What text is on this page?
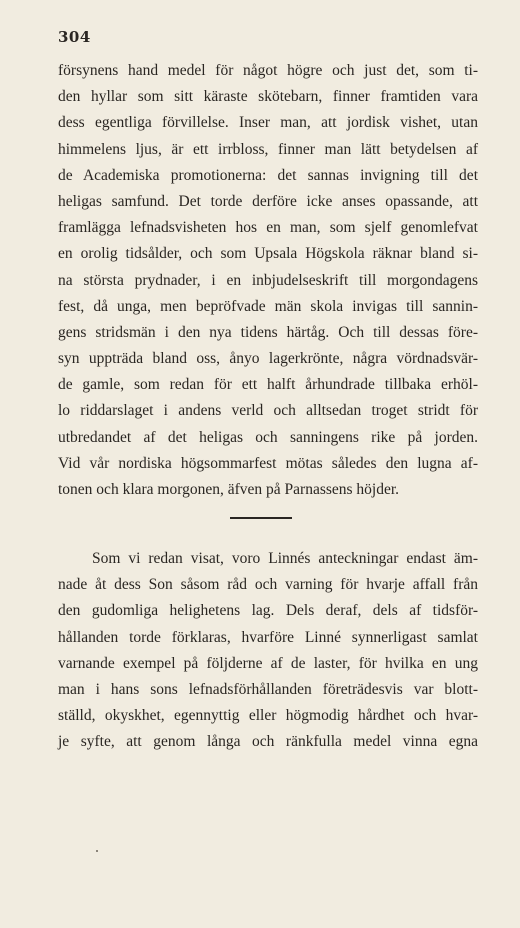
304
försynens hand medel för något högre och just det, som ti-
den hyllar som sitt käraste skötebarn, finner framtiden vara
dess egentliga förvillelse. Inser man, att jordisk vishet, utan
himmelens ljus, är ett irrbloss, finner man lätt betydelsen af
de Academiska promotionerna: det sannas invigning till det
heligas samfund. Det torde derföre icke anses opassande, att
framlägga lefnadsvisheten hos en man, som sjelf genomlefvat
en orolig tidsålder, och som Upsala Högskola räknar bland si-
na största prydnader, i en inbjudelseskrift till morgondagens
fest, då unga, men bepröfvade män skola invigas till sannin-
gens stridsmän i den nya tidens härtåg. Och till dessas före-
syn uppträda bland oss, ånyo lagerkrönte, några vördnadsvär-
de gamle, som redan för ett halft århundrade tillbaka erhöl-
lo riddarslaget i andens verld och alltsedan troget stridt för
utbredandet af det heligas och sanningens rike på jorden.
Vid vår nordiska högsommarfest mötas således den lugna af-
tonen och klara morgonen, äfven på Parnassens höjder.
Som vi redan visat, voro Linnés anteckningar endast äm-
nade åt dess Son såsom råd och varning för hvarje affall från
den gudomliga helighetens lag. Dels deraf, dels af tidsför-
hållanden torde förklaras, hvarföre Linné synnerligast samlat
varnande exempel på följderne af de laster, för hvilka en ung
man i hans sons lefnadsförhållanden företrädesvis var blott-
ställd, okyskhet, egennyttig eller högmodig hårdhet och hvar-
je syfte, att genom långa och ränkfulla medel vinna egna
